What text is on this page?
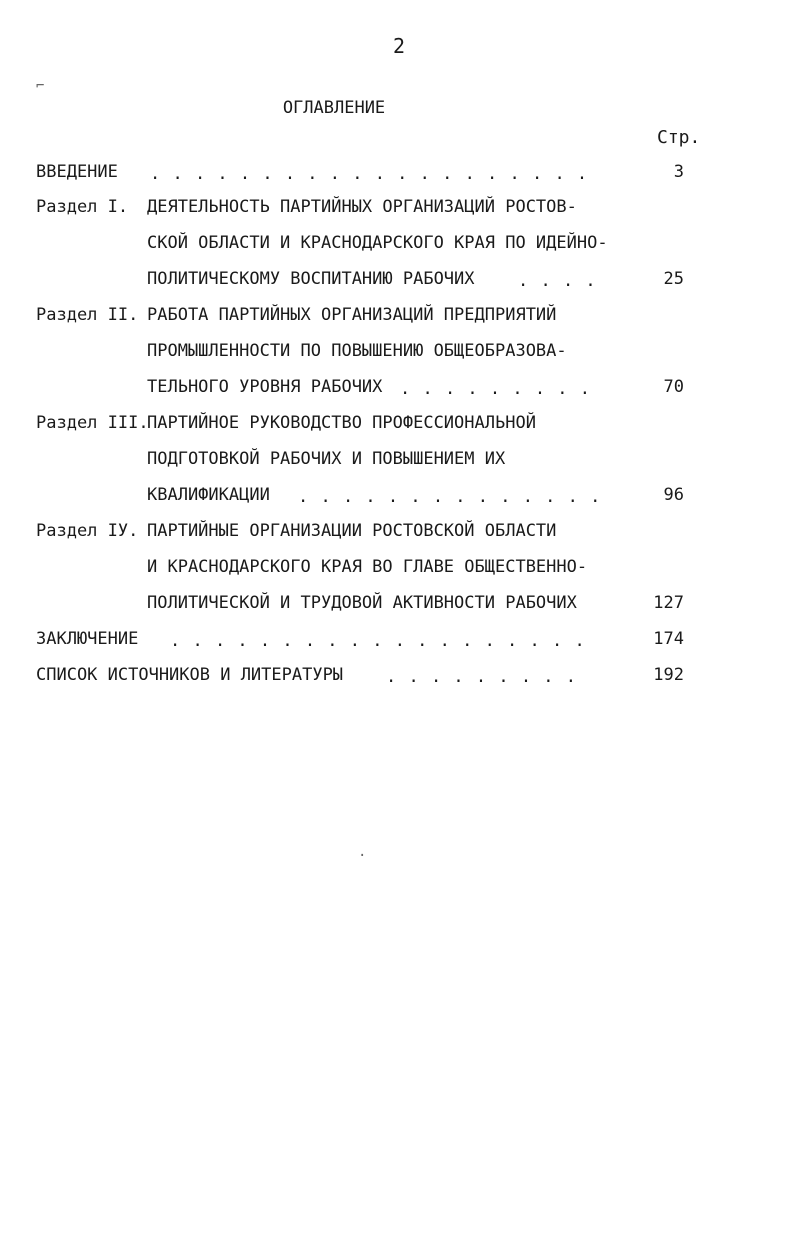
2
⌐
ОГЛАВЛЕНИЕ
Стр.
ВВЕДЕНИЕ . . . . . . . . . . . . . . . . . . . .	3
Раздел I. ДЕЯТЕЛЬНОСТЬ ПАРТИЙНЫХ ОРГАНИЗАЦИЙ РОСТОВ-
СКОЙ ОБЛАСТИ И КРАСНОДАРСКОГО КРАЯ ПО ИДЕЙНО-
ПОЛИТИЧЕСКОМУ ВОСПИТАНИЮ РАБОЧИХ	. . . .	25
Раздел II. РАБОТА ПАРТИЙНЫХ ОРГАНИЗАЦИЙ ПРЕДПРИЯТИЙ
ПРОМЫШЛЕННОСТИ ПО ПОВЫШЕНИЮ ОБЩЕОБРАЗОВА-
ТЕЛЬНОГО УРОВНЯ РАБОЧИХ . . . . . . . . .	70
Раздел III.
ПАРТИЙНОЕ РУКОВОДСТВО ПРОФЕССИОНАЛЬНОЙ
ПОДГОТОВКОЙ РАБОЧИХ И ПОВЫШЕНИЕМ ИХ
КВАЛИФИКАЦИИ . . . . . . . . . . . . . .	96
Раздел IУ. ПАРТИЙНЫЕ ОРГАНИЗАЦИИ РОСТОВСКОЙ ОБЛАСТИ
И КРАСНОДАРСКОГО КРАЯ ВО ГЛАВЕ ОБЩЕСТВЕННО-
ПОЛИТИЧЕСКОЙ И ТРУДОВОЙ АКТИВНОСТИ РАБОЧИХ	127
ЗАКЛЮЧЕНИЕ . . . . . . . . . . . . . . . . . . .	174
СПИСОК ИСТОЧНИКОВ И ЛИТЕРАТУРЫ	. . . . . . . . .	192
·
